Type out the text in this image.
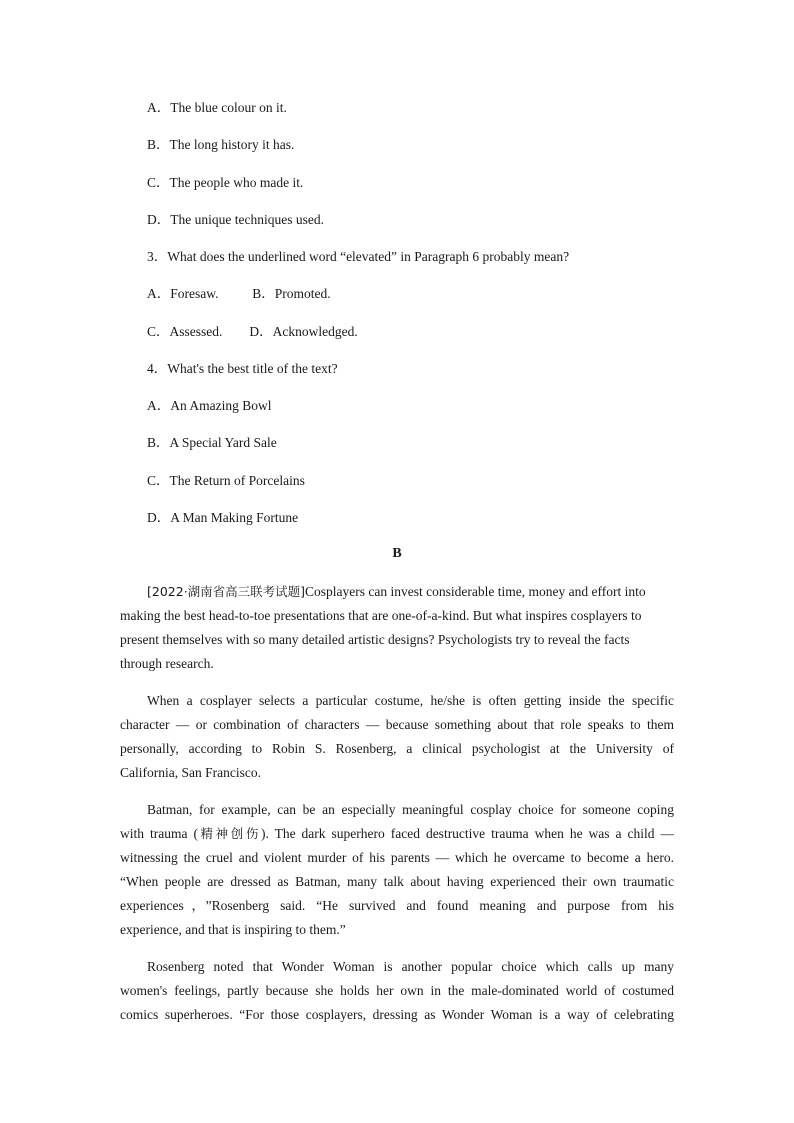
A．The blue colour on it.
B．The long history it has.
C．The people who made it.
D．The unique techniques used.
3．What does the underlined word “elevated” in Paragraph 6 probably mean?
A．Foresaw.          B．Promoted.
C．Assessed.        D．Acknowledged.
4．What's the best title of the text?
A．An Amazing Bowl
B．A Special Yard Sale
C．The Return of Porcelains
D．A Man Making Fortune
B
[2022·湖南省高三联考试题]Cosplayers can invest considerable time, money and effort into
making the best head-to-toe presentations that are one-of-a-kind. But what inspires cosplayers to
present themselves with so many detailed artistic designs? Psychologists try to reveal the facts
through research.
When a cosplayer selects a particular costume, he/she is often getting inside the specific
character — or combination of characters — because something about that role speaks to them
personally, according to Robin S. Rosenberg, a clinical psychologist at the University of
California, San Francisco.
Batman, for example, can be an especially meaningful cosplay choice for someone coping
with trauma (精神创伤). The dark superhero faced destructive trauma when he was a child —
witnessing the cruel and violent murder of his parents — which he overcame to become a hero.
“When people are dressed as Batman, many talk about having experienced their own traumatic
experiences，”Rosenberg said. “He survived and found meaning and purpose from his
experience, and that is inspiring to them.”
Rosenberg noted that Wonder Woman is another popular choice which calls up many
women's feelings, partly because she holds her own in the male-dominated world of costumed
comics superheroes. “For those cosplayers, dressing as Wonder Woman is a way of celebrating
